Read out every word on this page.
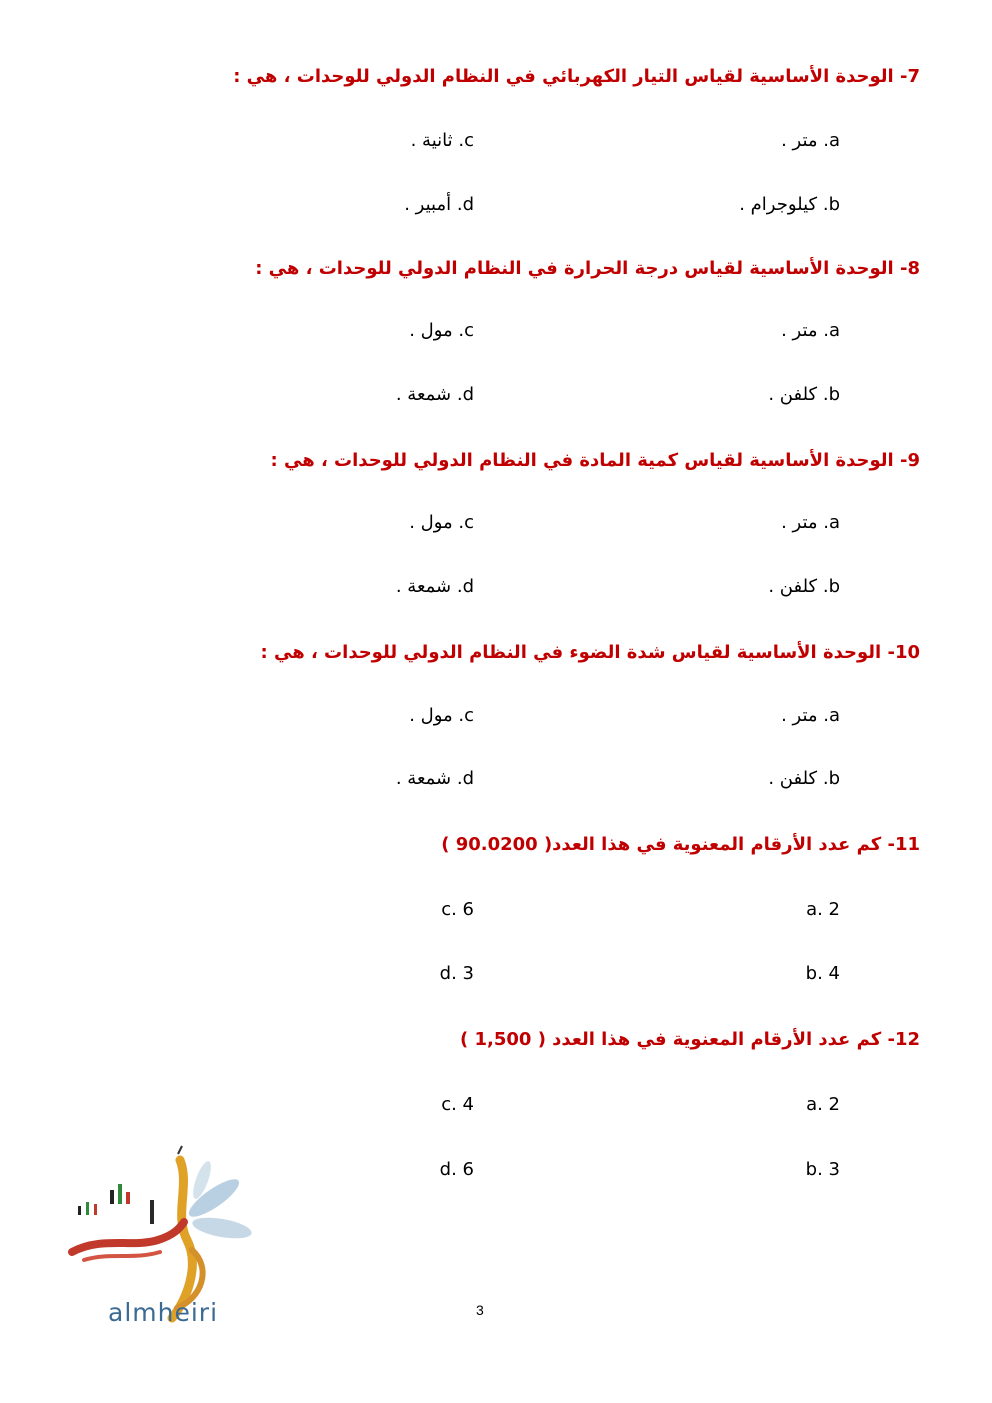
7- الوحدة الأساسية لقياس التيار الكهربائي في النظام الدولي للوحدات ، هي :
a. متر .
b. كيلوجرام .
c. ثانية .
d. أمبير .
8- الوحدة الأساسية لقياس درجة الحرارة في النظام الدولي للوحدات ، هي :
a. متر .
b. كلفن .
c. مول .
d. شمعة .
9- الوحدة الأساسية لقياس كمية المادة في النظام الدولي للوحدات ، هي :
a. متر .
b. كلفن .
c. مول .
d. شمعة .
10- الوحدة الأساسية لقياس شدة الضوء في النظام الدولي للوحدات ، هي :
a. متر .
b. كلفن .
c. مول .
d. شمعة .
11- كم عدد الأرقام المعنوية في هذا العدد( 90.0200 )
a. 2
b. 4
c. 6
d. 3
12- كم عدد الأرقام المعنوية في هذا العدد ( 1,500 )
a. 2
b. 3
c. 4
d. 6
almheiri	3
